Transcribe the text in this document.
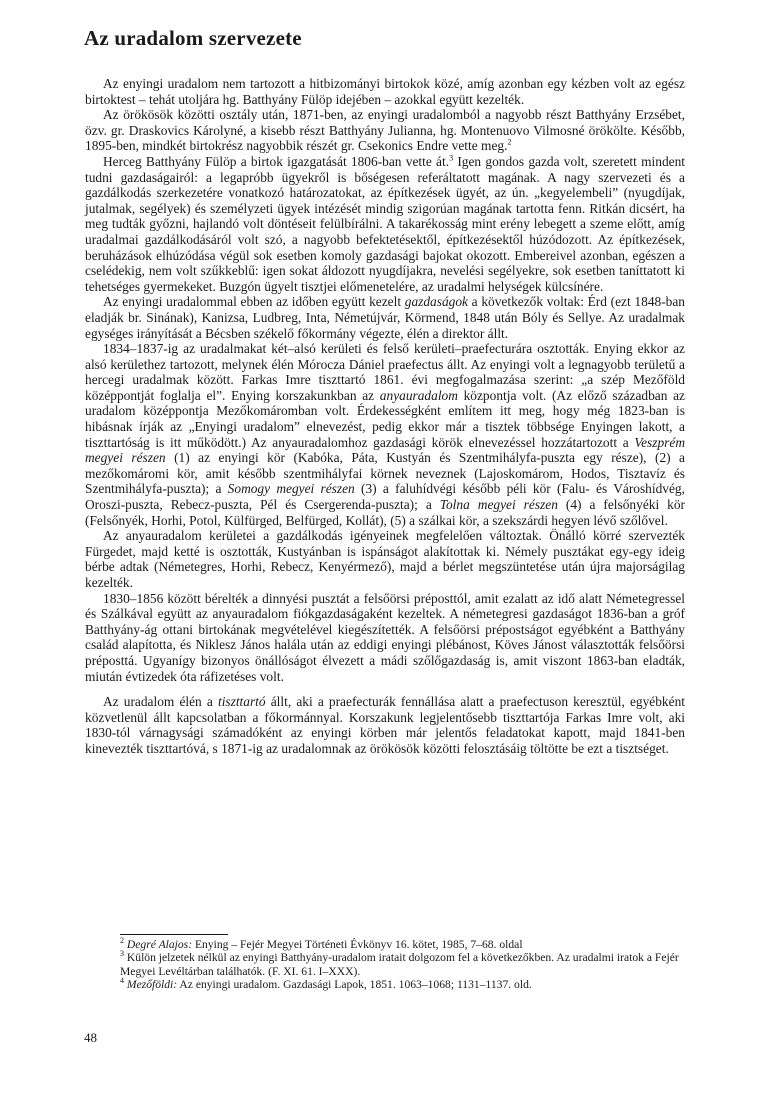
Az uradalom szervezete

Az enyingi uradalom nem tartozott a hitbizományi birtokok közé, amíg azonban egy kézben volt az egész birtoktest – tehát utoljára hg. Batthyány Fülöp idejében – azokkal együtt kezelték.

Az örökösök közötti osztály után, 1871-ben, az enyingi uradalomból a nagyobb részt Batthyány Erzsébet, özv. gr. Draskovics Károlyné, a kisebb részt Batthyány Julianna, hg. Montenuovo Vilmosné örökölte. Később, 1895-ben, mindkét birtokrész nagyobbik részét gr. Csekonics Endre vette meg.$^2$

Herceg Batthyány Fülöp a birtok igazgatását 1806-ban vette át.$^3$ Igen gondos gazda volt, szeretett mindent tudni gazdaságairól: a legapróbb ügyekről is bőségesen referáltatott magának. A nagy szervezeti és a gazdálkodás szerkezetére vonatkozó határozatokat, az építkezések ügyét, az ún. „kegyelembeli” (nyugdíjak, jutalmak, segélyek) és személyzeti ügyek intézését mindig szigorúan magának tartotta fenn. Ritkán dicsért, ha meg tudták győzni, hajlandó volt döntéseit felülbírálni. A takarékosság mint erény lebegett a szeme előtt, amíg uradalmai gazdálkodásáról volt szó, a nagyobb befektetésektől, építkezésektől húzódozott. Az építkezések, beruházások elhúzódása végül sok esetben komoly gazdasági bajokat okozott. Embereivel azonban, egészen a cselédekig, nem volt szűkkeblű: igen sokat áldozott nyugdíjakra, nevelési segélyekre, sok esetben taníttatott ki tehetséges gyermekeket. Buzgón ügyelt tisztjei előmenetelére, az uradalmi helységek külcsínére.

Az enyingi uradalommal ebben az időben együtt kezelt gazdaságok a következők voltak: Érd (ezt 1848-ban eladják br. Sinának), Kanizsa, Ludbreg, Inta, Németújvár, Körmend, 1848 után Bóly és Sellye. Az uradalmak egységes irányítását a Bécsben székelő főkormány végezte, élén a direktor állt.

1834–1837-ig az uradalmakat két–alsó kerületi és felső kerületi–praefecturára osztották. Enying ekkor az alsó kerülethez tartozott, melynek élén Mórocza Dániel praefectus állt. Az enyingi volt a legnagyobb területű a hercegi uradalmak között. Farkas Imre tiszttartó 1861. évi megfogalmazása szerint: „a szép Mezőföld középpontját foglalja el”. Enying korszakunkban az anyauradalom központja volt. (Az előző században az uradalom középpontja Mezőkomáromban volt. Érdekességként említem itt meg, hogy még 1823-ban is hibásnak írják az „Enyingi uradalom” elnevezést, pedig ekkor már a tisztek többsége Enyingen lakott, a tiszttartóság is itt működött.) Az anyauradalomhoz gazdasági körök elnevezéssel hozzátartozott a Veszprém megyei részen (1) az enyingi kör (Kabóka, Páta, Kustyán és Szentmihályfa-puszta egy része), (2) a mezőkomáromi kör, amit később szentmihályfai körnek neveznek (Lajoskomárom, Hodos, Tisztavíz és Szentmihályfa-puszta); a Somogy megyei részen (3) a faluhídvégi később péli kör (Falu- és Városhídvég, Oroszi-puszta, Rebecz-puszta, Pél és Csergerenda-puszta); a Tolna megyei részen (4) a felsőnyéki kör (Felsőnyék, Horhi, Potol, Külfürged, Belfürged, Kollát), (5) a szálkai kör, a szekszárdi hegyen lévő szőlővel.

Az anyauradalom kerületei a gazdálkodás igényeinek megfelelően változtak. Önálló körré szervezték Fürgedet, majd ketté is osztották, Kustyánban is ispánságot alakítottak ki. Némely pusztákat egy-egy ideig bérbe adtak (Németegres, Horhi, Rebecz, Kenyérmező), majd a bérlet megszüntetése után újra majorságilag kezelték.

1830–1856 között bérelték a dinnyési pusztát a felsőörsi préposttól, amit ezalatt az idő alatt Németegressel és Szálkával együtt az anyauradalom fiókgazdaságaként kezeltek. A németegresi gazdaságot 1836-ban a gróf Batthyány-ág ottani birtokának megvételével kiegészítették. A felsőörsi prépostságot egyébként a Batthyány család alapította, és Niklesz János halála után az eddigi enyingi plébánost, Köves Jánost választották felsőörsi préposttá. Ugyanígy bizonyos önállóságot élvezett a mádi szőlőgazdaság is, amit viszont 1863-ban eladták, miután évtizedek óta ráfizetéses volt.

Az uradalom élén a tiszttartó állt, aki a praefecturák fennállása alatt a praefectuson keresztül, egyébként közvetlenül állt kapcsolatban a főkormánnyal. Korszakunk legjelentősebb tiszttartója Farkas Imre volt, aki 1830-tól várnagysági számadóként az enyingi körben már jelentős feladatokat kapott, majd 1841-ben kinevezték tiszttartóvá, s 1871-ig az uradalomnak az örökösök közötti felosztásáig töltötte be ezt a tisztséget.

$^2$ Degré Alajos: Enying – Fejér Megyei Történeti Évkönyv 16. kötet, 1985, 7–68. oldal

$^3$ Külön jelzetek nélkül az enyingi Batthyány-uradalom iratait dolgozom fel a következőkben. Az uradalmi iratok a Fejér Megyei Levéltárban találhatók. (F. XI. 61. I–XXX).

$^4$ Mezőföldi: Az enyingi uradalom. Gazdasági Lapok, 1851. 1063–1068; 1131–1137. old.

48
